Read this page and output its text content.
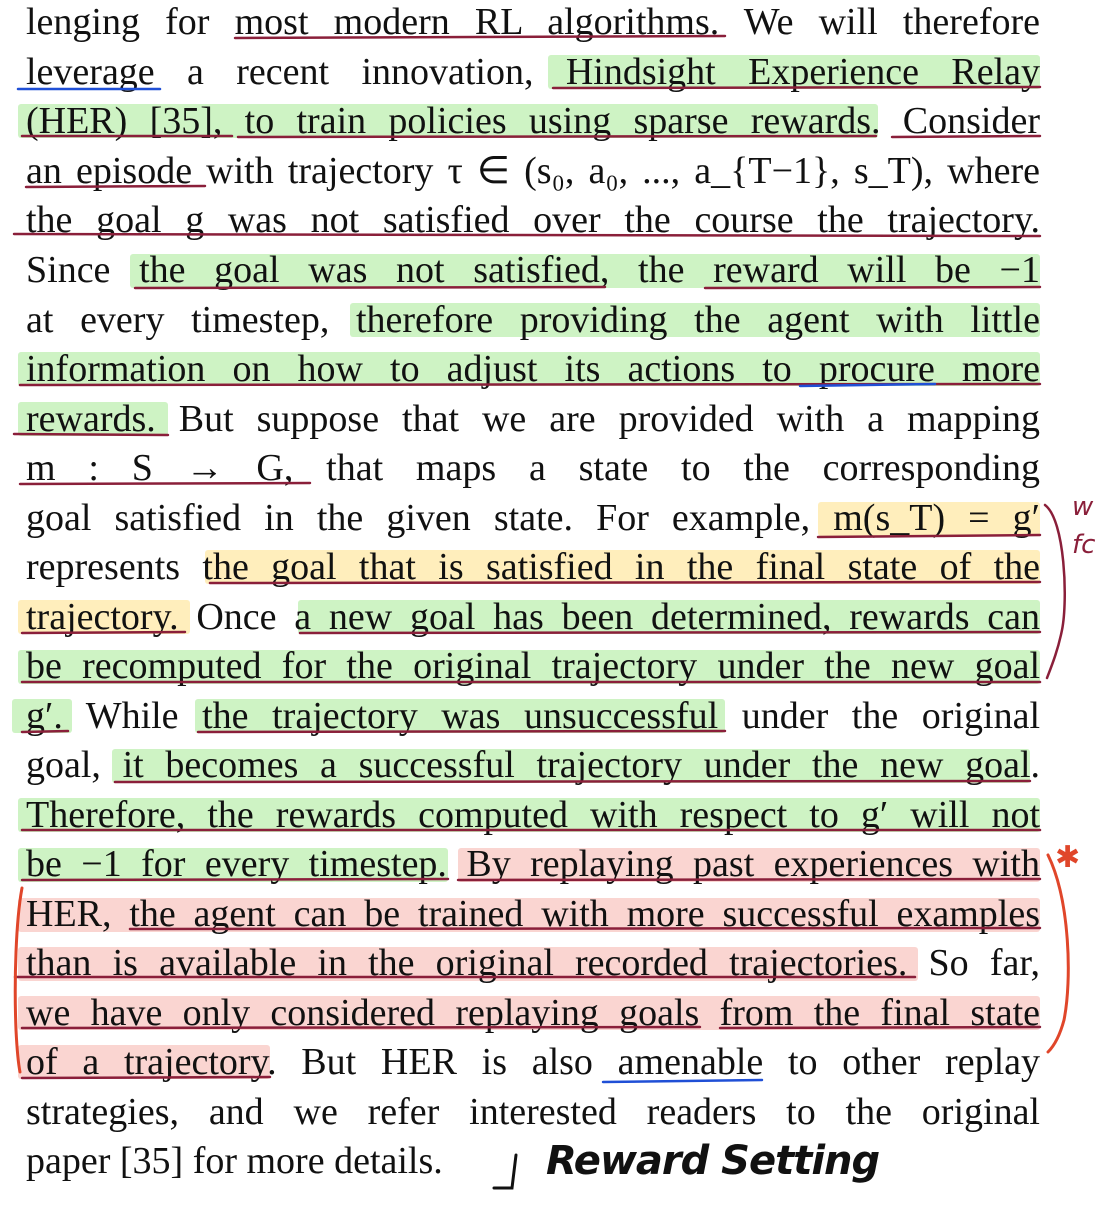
lenging for most modern RL algorithms. We will therefore
leverage a recent innovation, Hindsight Experience Relay
(HER) [35], to train policies using sparse rewards. Consider
an episode with trajectory τ ∈ (s₀, a₀, ..., a_{T−1}, s_T), where
the goal g was not satisfied over the course the trajectory.
Since the goal was not satisfied, the reward will be −1
at every timestep, therefore providing the agent with little
information on how to adjust its actions to procure more
rewards. But suppose that we are provided with a mapping
m : S → G, that maps a state to the corresponding
goal satisfied in the given state. For example, m(s_T) = g′
represents the goal that is satisfied in the final state of the
trajectory. Once a new goal has been determined, rewards can
be recomputed for the original trajectory under the new goal
g′. While the trajectory was unsuccessful under the original
goal, it becomes a successful trajectory under the new goal.
Therefore, the rewards computed with respect to g′ will not
be −1 for every timestep. By replaying past experiences with
HER, the agent can be trained with more successful examples
than is available in the original recorded trajectories. So far,
we have only considered replaying goals from the final state
of a trajectory. But HER is also amenable to other replay
strategies, and we refer interested readers to the original
paper [35] for more details.
w
fc
✱
Reward Setting
